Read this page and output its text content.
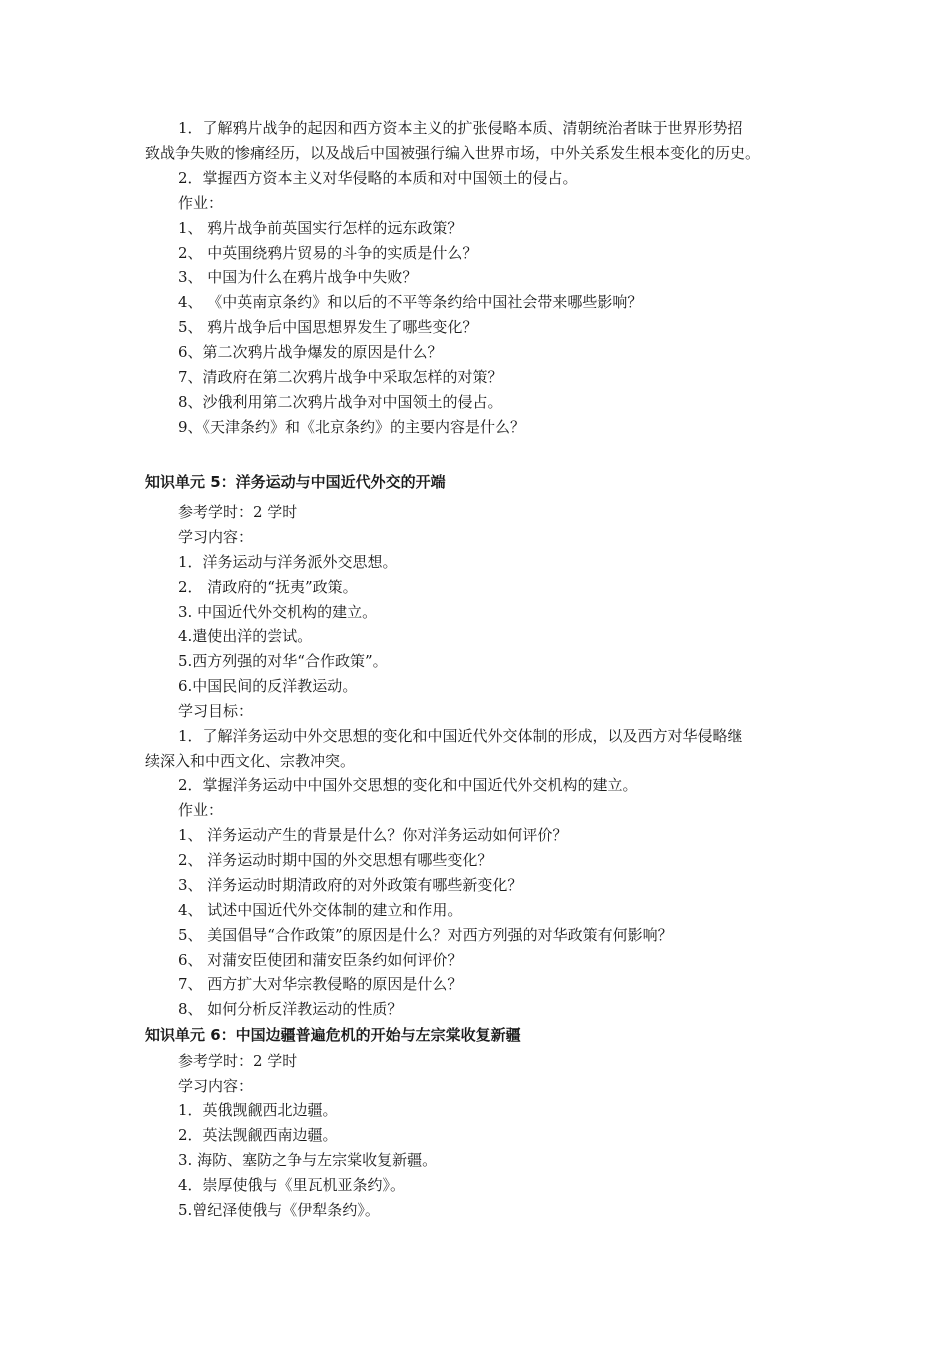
1．了解鸦片战争的起因和西方资本主义的扩张侵略本质、清朝统治者昧于世界形势招
致战争失败的惨痛经历，以及战后中国被强行编入世界市场，中外关系发生根本变化的历史。
2．掌握西方资本主义对华侵略的本质和对中国领土的侵占。
作业：
1、 鸦片战争前英国实行怎样的远东政策？
2、 中英围绕鸦片贸易的斗争的实质是什么？
3、 中国为什么在鸦片战争中失败？
4、 《中英南京条约》和以后的不平等条约给中国社会带来哪些影响？
5、 鸦片战争后中国思想界发生了哪些变化？
6、第二次鸦片战争爆发的原因是什么？
7、清政府在第二次鸦片战争中采取怎样的对策？
8、沙俄利用第二次鸦片战争对中国领土的侵占。
9、《天津条约》和《北京条约》的主要内容是什么？
知识单元 5：洋务运动与中国近代外交的开端
参考学时：2 学时
学习内容：
1．洋务运动与洋务派外交思想。
2． 清政府的“抚夷”政策。
3. 中国近代外交机构的建立。
4.遣使出洋的尝试。
5.西方列强的对华“合作政策”。
6.中国民间的反洋教运动。
学习目标：
1．了解洋务运动中外交思想的变化和中国近代外交体制的形成，以及西方对华侵略继
续深入和中西文化、宗教冲突。
2．掌握洋务运动中中国外交思想的变化和中国近代外交机构的建立。
作业：
1、 洋务运动产生的背景是什么？你对洋务运动如何评价？
2、 洋务运动时期中国的外交思想有哪些变化？
3、 洋务运动时期清政府的对外政策有哪些新变化？
4、 试述中国近代外交体制的建立和作用。
5、 美国倡导“合作政策”的原因是什么？对西方列强的对华政策有何影响？
6、 对蒲安臣使团和蒲安臣条约如何评价？
7、 西方扩大对华宗教侵略的原因是什么？
8、 如何分析反洋教运动的性质？
知识单元 6：中国边疆普遍危机的开始与左宗棠收复新疆
参考学时：2 学时
学习内容：
1．英俄觊觎西北边疆。
2．英法觊觎西南边疆。
3. 海防、塞防之争与左宗棠收复新疆。
4．崇厚使俄与《里瓦机亚条约》。
5.曾纪泽使俄与《伊犁条约》。
